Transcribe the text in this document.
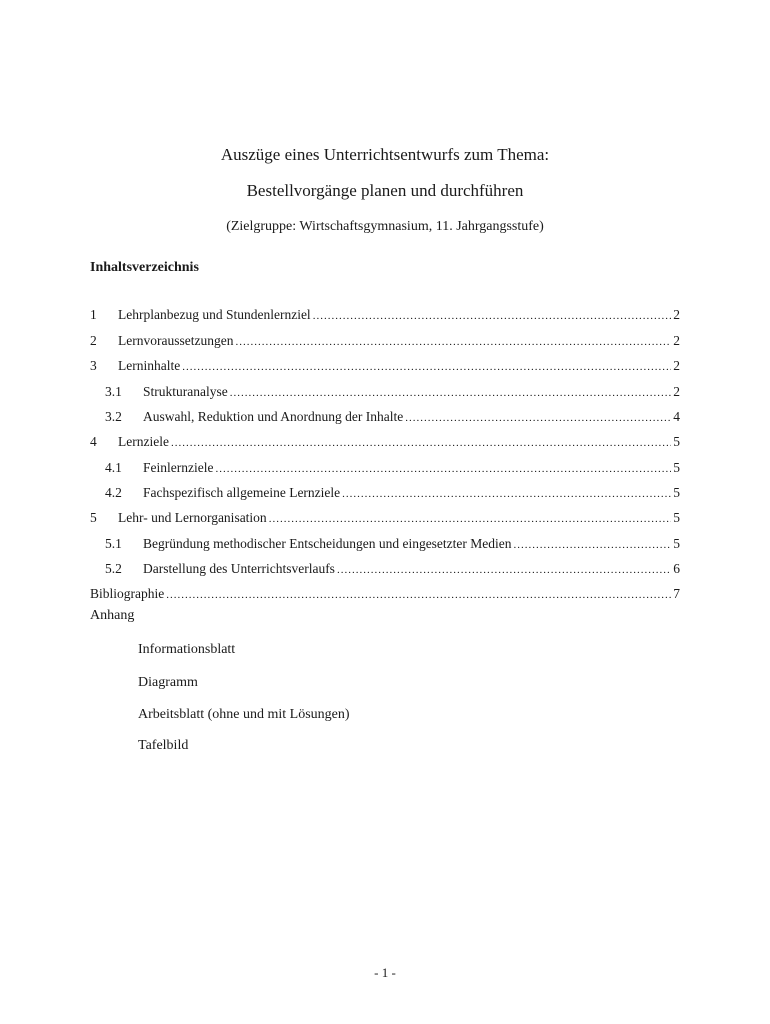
Auszüge eines Unterrichtsentwurfs zum Thema:
Bestellvorgänge planen und durchführen
(Zielgruppe: Wirtschaftsgymnasium, 11. Jahrgangsstufe)
Inhaltsverzeichnis
1	Lehrplanbezug und Stundenlernziel .....	2
2	Lernvoraussetzungen .....	2
3	Lerninhalte .....	2
3.1	Strukturanalyse .....	2
3.2	Auswahl, Reduktion und Anordnung der Inhalte .....	4
4	Lernziele .....	5
4.1	Feinlernziele .....	5
4.2	Fachspezifisch allgemeine Lernziele .....	5
5	Lehr- und Lernorganisation .....	5
5.1	Begründung methodischer Entscheidungen und eingesetzter Medien .....	5
5.2	Darstellung des Unterrichtsverlaufs .....	6
Bibliographie .....	7
Anhang
Informationsblatt
Diagramm
Arbeitsblatt (ohne und mit Lösungen)
Tafelbild
- 1 -
